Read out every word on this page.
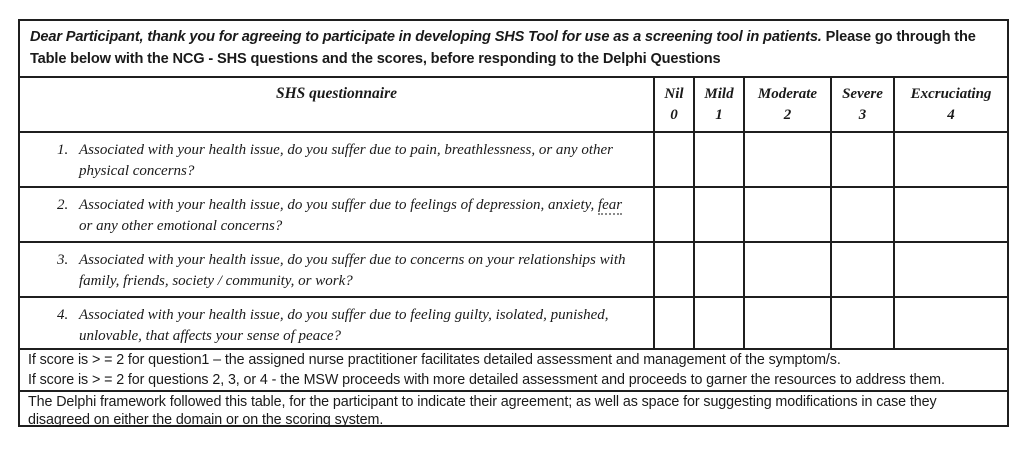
Dear Participant, thank you for agreeing to participate in developing SHS Tool for use as a screening tool in patients. Please go through the Table below with the NCG - SHS questions and the scores, before responding to the Delphi Questions
SHS questionnaire	Nil
0
Mild
1
Moderate
2
Severe
3
Excruciating
4
1. Associated with your health issue, do you suffer due to pain, breathlessness, or any other physical concerns?
2. Associated with your health issue, do you suffer due to feelings of depression, anxiety, fear or any other emotional concerns?
3. Associated with your health issue, do you suffer due to concerns on your relationships with family, friends, society / community, or work?
4. Associated with your health issue, do you suffer due to feeling guilty, isolated, punished, unlovable, that affects your sense of peace?
If score is > = 2 for question1 – the assigned nurse practitioner facilitates detailed assessment and management of the symptom/s.
If score is > = 2 for questions 2, 3, or 4 - the MSW proceeds with more detailed assessment and proceeds to garner the resources to address them.
The Delphi framework followed this table, for the participant to indicate their agreement; as well as space for suggesting modifications in case they disagreed on either the domain or on the scoring system.
